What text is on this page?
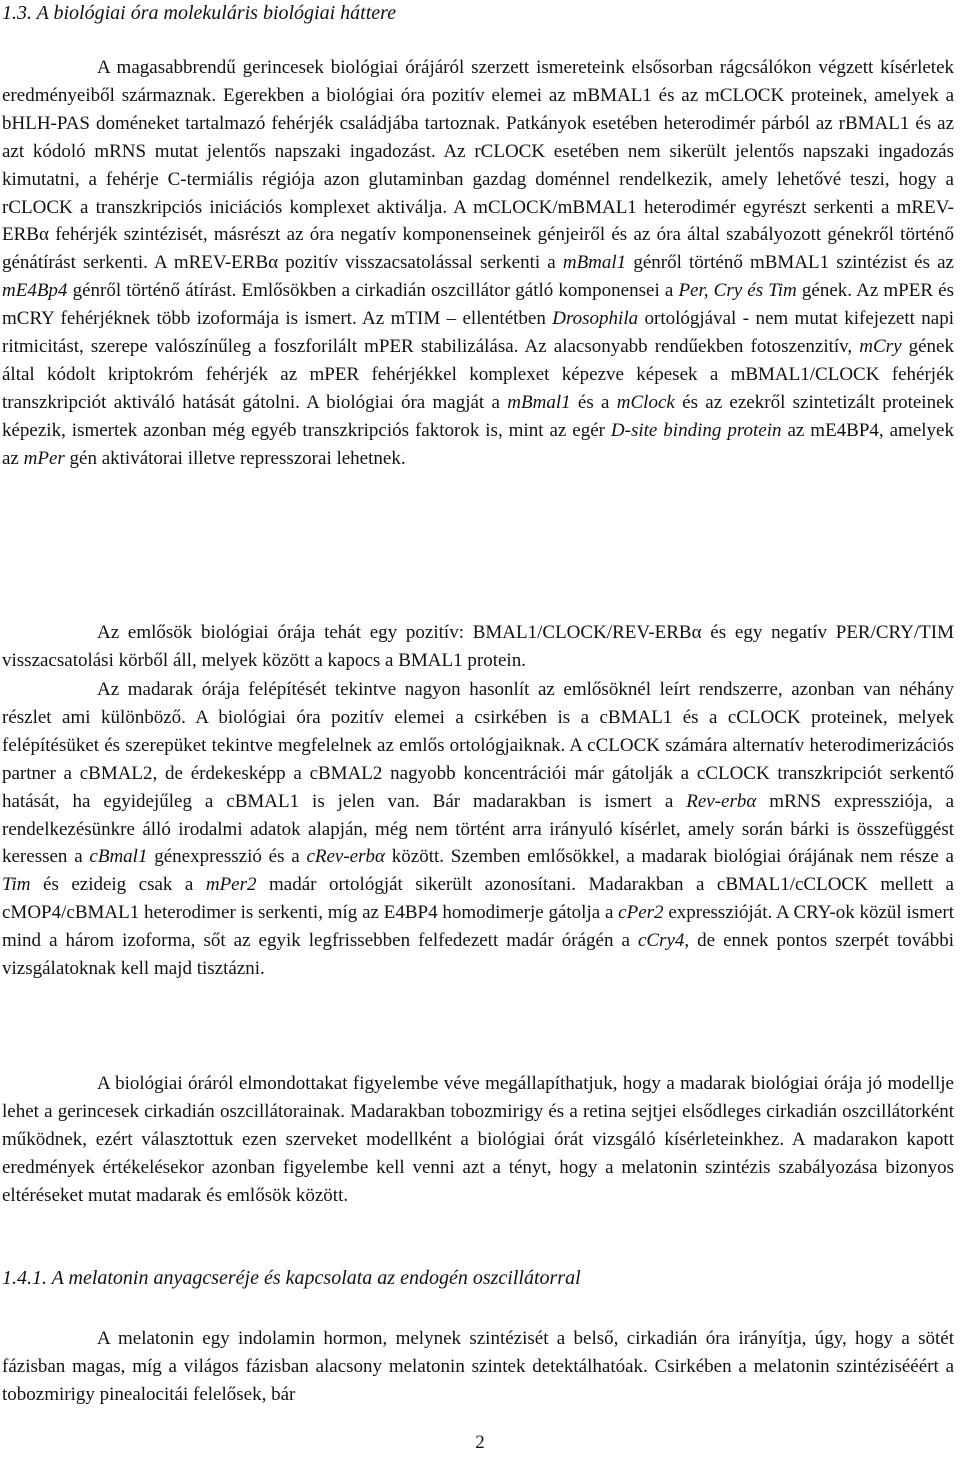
1.3. A biológiai óra molekuláris biológiai háttere
A magasabbrendű gerincesek biológiai órájáról szerzett ismereteink elsősorban rágcsálókon végzett kísérletek eredményeiből származnak. Egerekben a biológiai óra pozitív elemei az mBMAL1 és az mCLOCK proteinek, amelyek a bHLH-PAS doméneket tartalmazó fehérjék családjába tartoznak. Patkányok esetében heterodimér párból az rBMAL1 és az azt kódoló mRNS mutat jelentős napszaki ingadozást. Az rCLOCK esetében nem sikerült jelentős napszaki ingadozás kimutatni, a fehérje C-termiális régiója azon glutaminban gazdag doménnel rendelkezik, amely lehetővé teszi, hogy a rCLOCK a transzkripciós iniciációs komplexet aktiválja. A mCLOCK/mBMAL1 heterodimér egyrészt serkenti a mREV-ERBα fehérjék szintézisét, másrészt az óra negatív komponenseinek génjeiről és az óra által szabályozott génekről történő génátírást serkenti. A mREV-ERBα pozitív visszacsatolással serkenti a mBmal1 génről történő mBMAL1 szintézist és az mE4Bp4 génről történő átírást. Emlősökben a cirkadián oszcillátor gátló komponensei a Per, Cry és Tim gének. Az mPER és mCRY fehérjéknek több izoformája is ismert. Az mTIM – ellentétben Drosophila ortológjával - nem mutat kifejezett napi ritmicitást, szerepe valószínűleg a foszforilált mPER stabilizálása. Az alacsonyabb rendűekben fotoszenzitív, mCry gének által kódolt kriptokróm fehérjék az mPER fehérjékkel komplexet képezve képesek a mBMAL1/CLOCK fehérjék transzkripciót aktiváló hatását gátolni. A biológiai óra magját a mBmal1 és a mClock és az ezekről szintetizált proteinek képezik, ismertek azonban még egyéb transzkripciós faktorok is, mint az egér D-site binding protein az mE4BP4, amelyek az mPer gén aktivátorai illetve represszorai lehetnek.
Az emlősök biológiai órája tehát egy pozitív: BMAL1/CLOCK/REV-ERBα és egy negatív PER/CRY/TIM visszacsatolási körből áll, melyek között a kapocs a BMAL1 protein.
Az madarak órája felépítését tekintve nagyon hasonlít az emlősöknél leírt rendszerre, azonban van néhány részlet ami különböző. A biológiai óra pozitív elemei a csirkében is a cBMAL1 és a cCLOCK proteinek, melyek felépítésüket és szerepüket tekintve megfelelnek az emlős ortológjaiknak. A cCLOCK számára alternatív heterodimerizációs partner a cBMAL2, de érdekesképp a cBMAL2 nagyobb koncentrációi már gátolják a cCLOCK transzkripciót serkentő hatását, ha egyidejűleg a cBMAL1 is jelen van. Bár madarakban is ismert a Rev-erbα mRNS expressziója, a rendelkezésünkre álló irodalmi adatok alapján, még nem történt arra irányuló kísérlet, amely során bárki is összefüggést keressen a cBmal1 génexpresszió és a cRev-erbα között. Szemben emlősökkel, a madarak biológiai órájának nem része a Tim és ezideig csak a mPer2 madár ortológját sikerült azonosítani. Madarakban a cBMAL1/cCLOCK mellett a cMOP4/cBMAL1 heterodimer is serkenti, míg az E4BP4 homodimerje gátolja a cPer2 expresszióját. A CRY-ok közül ismert mind a három izoforma, sőt az egyik legfrissebben felfedezett madár órágén a cCry4, de ennek pontos szerpét további vizsgálatoknak kell majd tisztázni.
A biológiai óráról elmondottakat figyelembe véve megállapíthatjuk, hogy a madarak biológiai órája jó modellje lehet a gerincesek cirkadián oszcillátorainak. Madarakban tobozmirigy és a retina sejtjei elsődleges cirkadián oszcillátorként működnek, ezért választottuk ezen szerveket modellként a biológiai órát vizsgáló kísérleteinkhez. A madarakon kapott eredmények értékelésekor azonban figyelembe kell venni azt a tényt, hogy a melatonin szintézis szabályozása bizonyos eltéréseket mutat madarak és emlősök között.
1.4.1. A melatonin anyagcseréje és kapcsolata az endogén oszcillátorral
A melatonin egy indolamin hormon, melynek szintézisét a belső, cirkadián óra irányítja, úgy, hogy a sötét fázisban magas, míg a világos fázisban alacsony melatonin szintek detektálhatóak. Csirkében a melatonin szintézisééért a tobozmirigy pinealocitái felelősek, bár
2
